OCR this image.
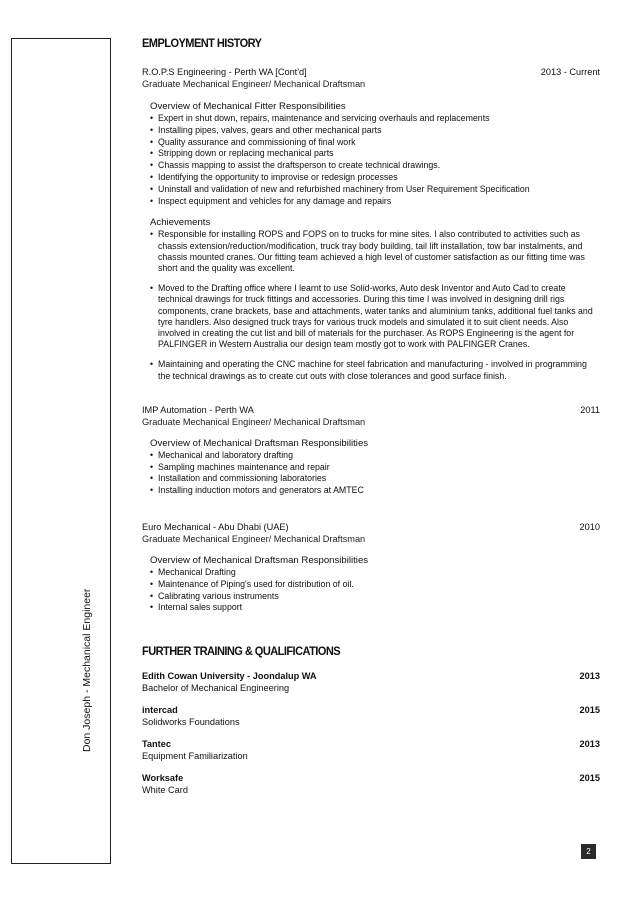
Don Joseph - Mechanical Engineer
EMPLOYMENT HISTORY
R.O.P.S Engineering - Perth WA [Cont'd]	2013 - Current
Graduate Mechanical Engineer/ Mechanical Draftsman
Overview of Mechanical Fitter Responsibilities
• Expert in shut down, repairs, maintenance and servicing overhauls and replacements
• Installing pipes, valves, gears and other mechanical parts
• Quality assurance and commissioning of final work
• Stripping down or replacing mechanical parts
• Chassis mapping to assist the draftsperson to create technical drawings.
• Identifying the opportunity to improvise or redesign processes
• Uninstall and validation of new and refurbished machinery from User Requirement Specification
• Inspect equipment and vehicles for any damage and repairs
Achievements

• Responsible for installing ROPS and FOPS on to trucks for mine sites. I also contributed to activities such as chassis extension/reduction/modification, truck tray body building, tail lift installation, tow bar instalments, and chassis mounted cranes. Our fitting team achieved a high level of customer satisfaction as our fitting time was short and the quality was excellent.

• Moved to the Drafting office where I learnt to use Solid-works, Auto desk Inventor and Auto Cad to create technical drawings for truck fittings and accessories. During this time I was involved in designing drill rigs components, crane brackets, base and attachments, water tanks and aluminium tanks, additional fuel tanks and tyre handlers. Also designed truck trays for various truck models and simulated it to suit client needs. Also involved in creating the cut list and bill of materials for the purchaser. As ROPS Engineering is the agent for PALFINGER in Western Australia our design team mostly got to work with PALFINGER Cranes.

• Maintaining and operating the CNC machine for steel fabrication and manufacturing - involved in programming the technical drawings as to create cut outs with close tolerances and good surface finish.

IMP Automation - Perth WA	2011
Graduate Mechanical Engineer/ Mechanical Draftsman
Overview of Mechanical Draftsman Responsibilities
• Mechanical and laboratory drafting
• Sampling machines maintenance and repair
• Installation and commissioning laboratories
• Installing induction motors and generators at AMTEC
Euro Mechanical - Abu Dhabi (UAE)	2010
Graduate Mechanical Engineer/ Mechanical Draftsman
Overview of Mechanical Draftsman Responsibilities
• Mechanical Drafting
• Maintenance of Piping's used for distribution of oil.
• Calibrating various instruments
• Internal sales support
FURTHER TRAINING & QUALIFICATIONS
Edith Cowan University - Joondalup WA	2013
Bachelor of Mechanical Engineering
intercad	2015
Solidworks Foundations
Tantec	2013
Equipment Familiarization
Worksafe	2015
White Card
2
